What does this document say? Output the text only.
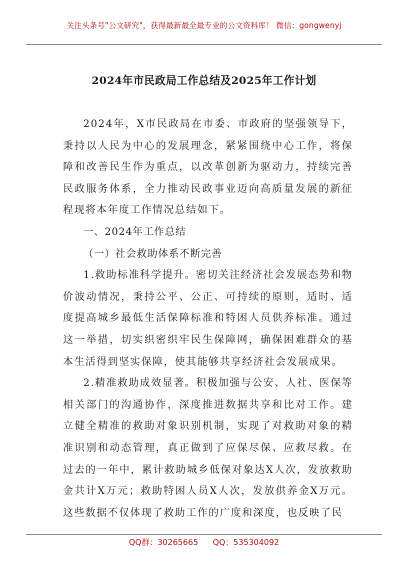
关注头条号"公文研究"，获得最新最全最专业的公文资料库！ 微信：gongwenyj
2024年市民政局工作总结及2025年工作计划

2024年，X市民政局在市委、市政府的坚强领导下，秉持以人民为中心的发展理念，紧紧围绕中心工作，将保障和改善民生作为重点，以改革创新为驱动力，持续完善民政服务体系，全力推动民政事业迈向高质量发展的新征程现将本年度工作情况总结如下。

一、2024年工作总结

（一）社会救助体系不断完善

1.救助标准科学提升。密切关注经济社会发展态势和物价波动情况，秉持公平、公正、可持续的原则，适时、适度提高城乡最低生活保障标准和特困人员供养标准。通过这一举措，切实织密织牢民生保障网，确保困难群众的基本生活得到坚实保障，使其能够共享经济社会发展成果。

2.精准救助成效显著。积极加强与公安、人社、医保等相关部门的沟通协作，深度推进数据共享和比对工作。建立健全精准的救助对象识别机制，实现了对救助对象的精准识别和动态管理，真正做到了应保尽保、应救尽救。在过去的一年中，累计救助城乡低保对象达X人次，发放救助金共计X万元；救助特困人员X人次，发放供养金X万元。这些数据不仅体现了救助工作的广度和深度，也反映了民

QQ群：30265665 QQ：535304092
